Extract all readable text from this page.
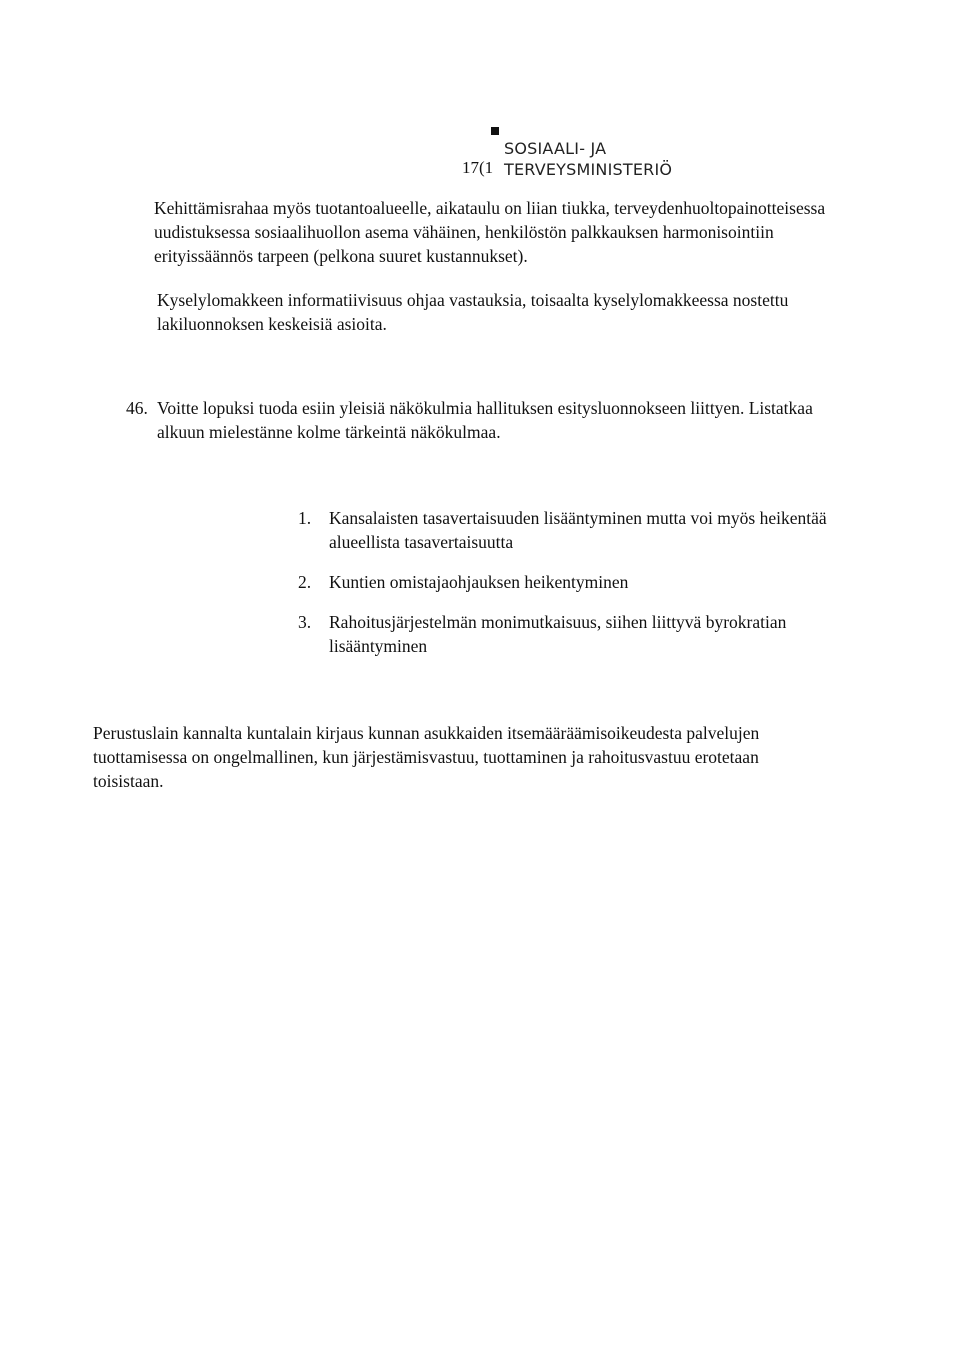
SOSIAALI- JA
17(1 TERVEYSMINISTERIÖ
Kehittämisrahaa myös tuotantoalueelle, aikataulu on liian tiukka, terveydenhuoltopainotteisessa
uudistuksessa sosiaalihuollon asema vähäinen, henkilöstön palkkauksen harmonisointiin
erityissäännös tarpeen (pelkona suuret kustannukset).
Kyselylomakkeen informatiivisuus ohjaa vastauksia, toisaalta kyselylomakkeessa nostettu
lakiluonnoksen keskeisiä asioita.
46. Voitte lopuksi tuoda esiin yleisiä näkökulmia hallituksen esitysluonnokseen liittyen. Listatkaa
alkuun mielestänne kolme tärkeintä näkökulmaa.
1. Kansalaisten tasavertaisuuden lisääntyminen mutta voi myös heikentää
alueellista tasavertaisuutta
2. Kuntien omistajaohjauksen heikentyminen
3. Rahoitusjärjestelmän monimutkaisuus, siihen liittyvä byrokratian
lisääntyminen
Perustuslain kannalta kuntalain kirjaus kunnan asukkaiden itsemääräämisoikeudesta palvelujen
tuottamisessa on ongelmallinen, kun järjestämisvastuu, tuottaminen ja rahoitusvastuu erotetaan
toisistaan.
